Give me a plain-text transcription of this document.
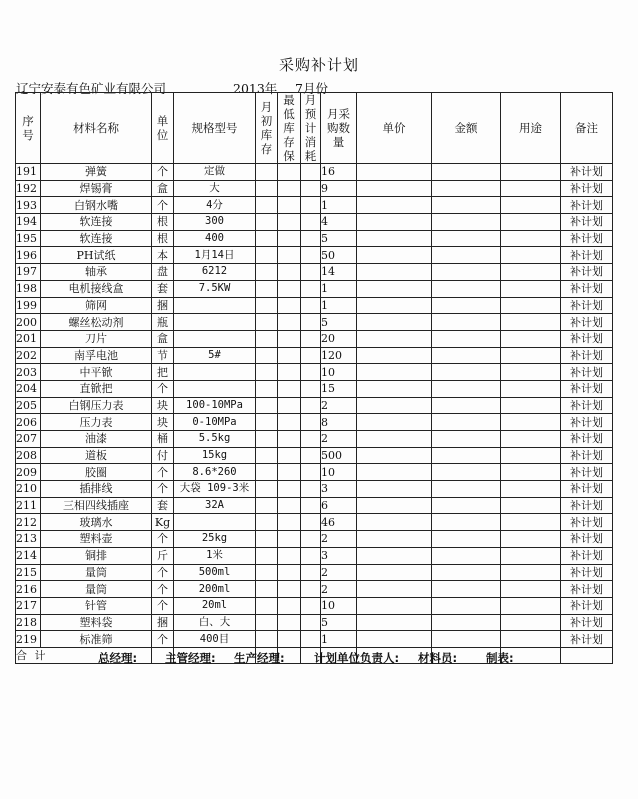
采购补计划
辽宁安泰有色矿业有限公司	2013年 7月份
序号	材料名称	单位	规格型号	月初库存	最低库存保	月预计消耗	月采购数量	单价	金额	用途	备注
191	弹簧	个	定做				16				补计划
192	焊锡膏	盒	大				9				补计划
193	白钢水嘴	个	4分				1				补计划
194	软连接	根	300				4				补计划
195	软连接	根	400				5				补计划
196	PH试纸	本	1月14日				50				补计划
197	轴承	盘	6212				14				补计划
198	电机接线盒	套	7.5KW				1				补计划
199	筛网	捆					1				补计划
200	螺丝松动剂	瓶					5				补计划
201	刀片	盒					20				补计划
202	南孚电池	节	5#				120				补计划
203	中平锨	把					10				补计划
204	直锨把	个					15				补计划
205	白钢压力表	块	100-10MPa				2				补计划
206	压力表	块	0-10MPa				8				补计划
207	油漆	桶	5.5kg				2				补计划
208	道板	付	15kg				500				补计划
209	胶圈	个	8.6*260				10				补计划
210	插排线	个	大袋 109-3米				3				补计划
211	三相四线插座	套	32A				6				补计划
212	玻璃水	Kg					46				补计划
213	塑料壶	个	25kg				2				补计划
214	铜排	斤	1米				3				补计划
215	量筒	个	500ml				2				补计划
216	量筒	个	200ml				2				补计划
217	针管	个	20ml				10				补计划
218	塑料袋	捆	白、大				5				补计划
219	标准筛	个	400目				1				补计划
合 计												总经理: 主管经理: 生产经理:	计划单位负责人: 材料员:	制表:
